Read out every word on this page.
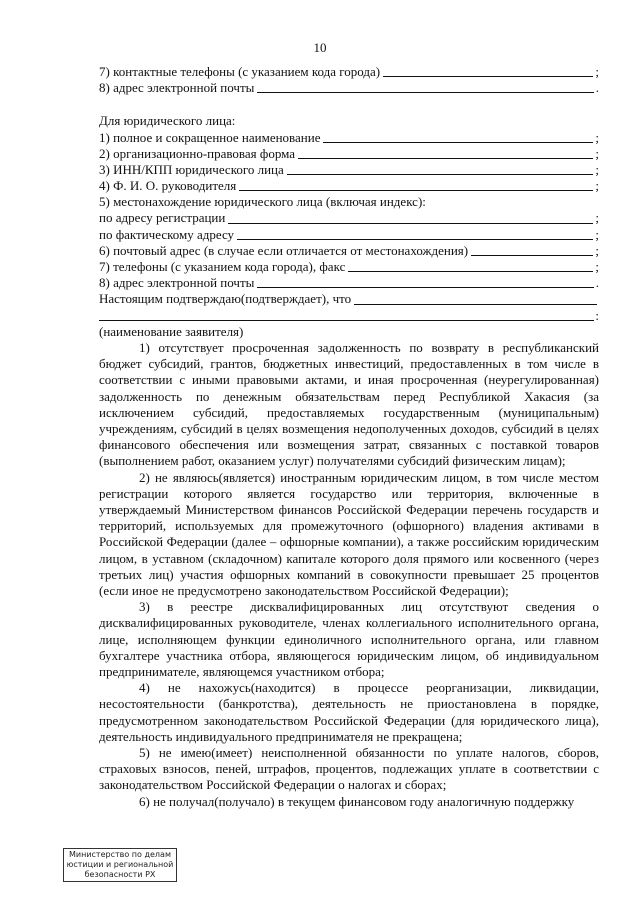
10
7) контактные телефоны (с указанием кода города)	;
8) адрес электронной почты	.
Для юридического лица:
1) полное и сокращенное наименование	;
2) организационно-правовая форма	;
3) ИНН/КПП юридического лица	;
4) Ф. И. О. руководителя	;
5) местонахождение юридического лица (включая индекс):
по адресу регистрации	;
по фактическому адресу	;
6) почтовый адрес (в случае если отличается от местонахождения)	;
7) телефоны (с указанием кода города), факс	;
8) адрес электронной почты	.
Настоящим подтверждаю(подтверждает), что
:
(наименование заявителя)

1) отсутствует просроченная задолженность по возврату в республиканский бюджет субсидий, грантов, бюджетных инвестиций, предоставленных в том числе в соответствии с иными правовыми актами, и иная просроченная (неурегулированная) задолженность по денежным обязательствам перед Республикой Хакасия (за исключением субсидий, предоставляемых государственным (муниципальным) учреждениям, субсидий в целях возмещения недополученных доходов, субсидий в целях финансового обеспечения или возмещения затрат, связанных с поставкой товаров (выполнением работ, оказанием услуг) получателями субсидий физическим лицам);

2) не являюсь(является) иностранным юридическим лицом, в том числе местом регистрации которого является государство или территория, включенные в утверждаемый Министерством финансов Российской Федерации перечень государств и территорий, используемых для промежуточного (офшорного) владения активами в Российской Федерации (далее – офшорные компании), а также российским юридическим лицом, в уставном (складочном) капитале которого доля прямого или косвенного (через третьих лиц) участия офшорных компаний в совокупности превышает 25 процентов (если иное не предусмотрено законодательством Российской Федерации);

3) в реестре дисквалифицированных лиц отсутствуют сведения о дисквалифицированных руководителе, членах коллегиального исполнительного органа, лице, исполняющем функции единоличного исполнительного органа, или главном бухгалтере участника отбора, являющегося юридическим лицом, об индивидуальном предпринимателе, являющемся участником отбора;

4) не нахожусь(находится) в процессе реорганизации, ликвидации, несостоятельности (банкротства), деятельность не приостановлена в порядке, предусмотренном законодательством Российской Федерации (для юридического лица), деятельность индивидуального предпринимателя не прекращена;

5) не имею(имеет) неисполненной обязанности по уплате налогов, сборов, страховых взносов, пеней, штрафов, процентов, подлежащих уплате в соответствии с законодательством Российской Федерации о налогах и сборах;

6) не получал(получало) в текущем финансовом году аналогичную поддержку

Министерство по делам
юстиции и региональной
безопасности РХ
